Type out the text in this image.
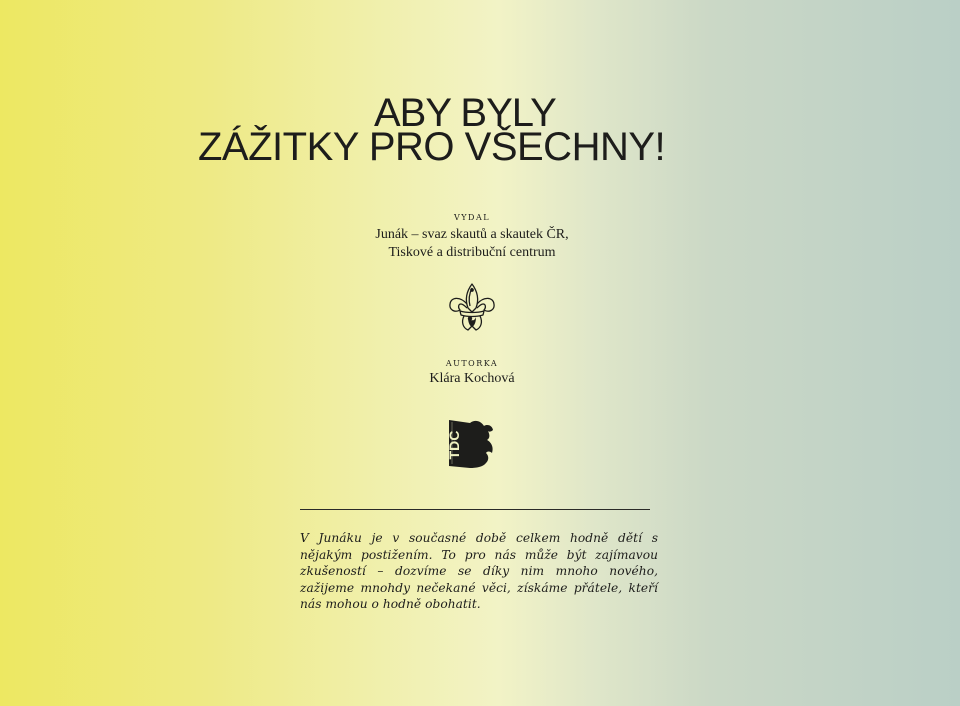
ABY BYLY
ZÁŽITKY PRO VŠECHNY!
vydal
Junák – svaz skautů a skautek ČR,
Tiskové a distribuční centrum
autorka
Klára Kochová
TDC
V Junáku je v současné době celkem hodně dětí s nějakým postižením. To pro nás může být zajímavou zkušeností – dozvíme se díky nim mnoho nového, zažijeme mnohdy nečekané věci, získáme přátele, kteří nás mohou o hodně obohatit.
